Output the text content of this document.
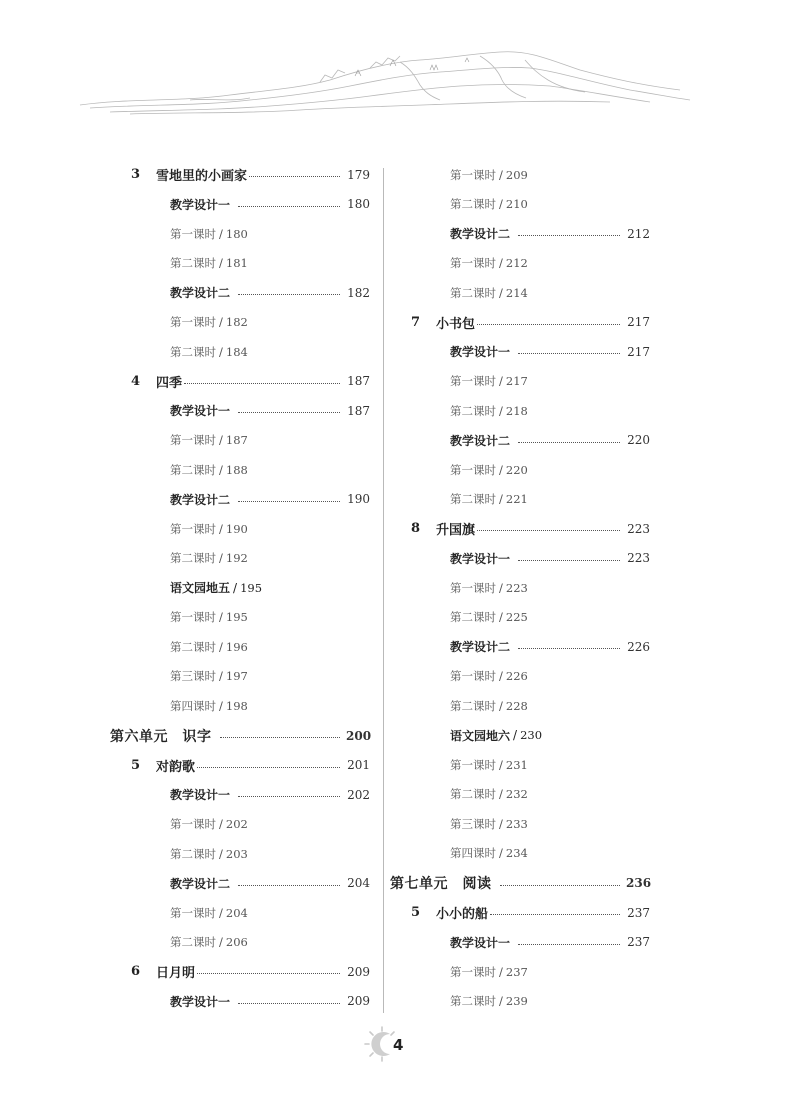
3	雪地里的小画家	179
教学设计一	180
第一课时 / 180
第二课时 / 181
教学设计二	182
第一课时 / 182
第二课时 / 184
4	四季	187
教学设计一	187
第一课时 / 187
第二课时 / 188
教学设计二	190
第一课时 / 190
第二课时 / 192
语文园地五 / 195
第一课时 / 195
第二课时 / 196
第三课时 / 197
第四课时 / 198
第六单元　识字	200
5	对韵歌	201
教学设计一	202
第一课时 / 202
第二课时 / 203
教学设计二	204
第一课时 / 204
第二课时 / 206
6	日月明	209
教学设计一	209
第一课时 / 209
第二课时 / 210
教学设计二	212
第一课时 / 212
第二课时 / 214
7	小书包	217
教学设计一	217
第一课时 / 217
第二课时 / 218
教学设计二	220
第一课时 / 220
第二课时 / 221
8	升国旗	223
教学设计一	223
第一课时 / 223
第二课时 / 225
教学设计二	226
第一课时 / 226
第二课时 / 228
语文园地六 / 230
第一课时 / 231
第二课时 / 232
第三课时 / 233
第四课时 / 234
第七单元　阅读	236
5	小小的船	237
教学设计一	237
第一课时 / 237
第二课时 / 239
4
